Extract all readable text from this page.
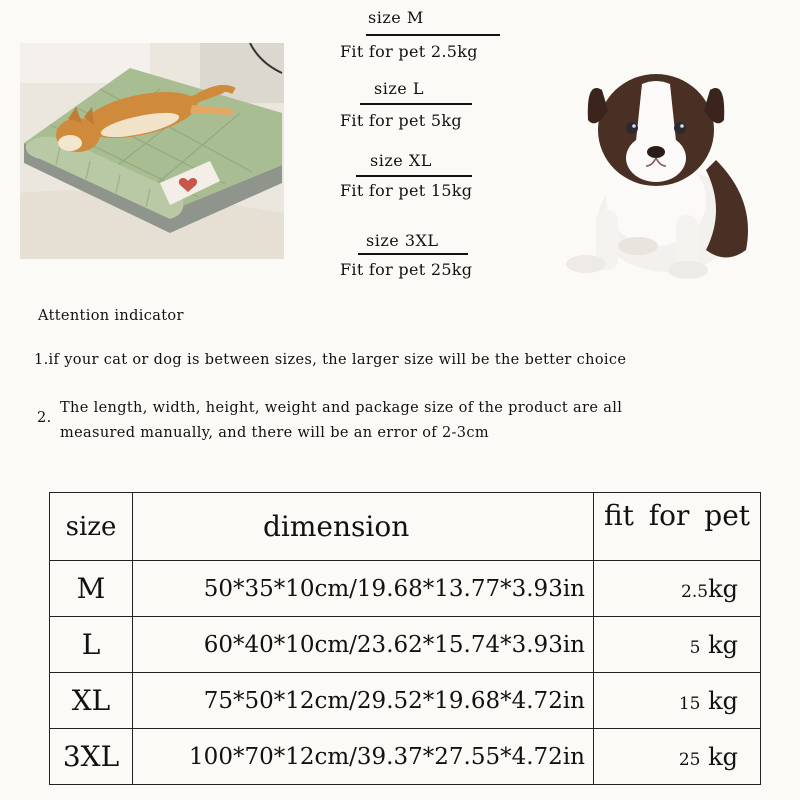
size M
Fit for pet 2.5kg
size L
Fit for pet 5kg
size XL
Fit for pet 15kg
size 3XL
Fit for pet 25kg
Attention indicator
1.if your cat or dog is between sizes, the larger size will be the better choice
2.
The length, width, height, weight and package size of the product are all
measured manually, and there will be an error of 2-3cm
size	dimension	fit for pet
M	50*35*10cm/19.68*13.77*3.93in	2.5kg
L	60*40*10cm/23.62*15.74*3.93in	5 kg
XL	75*50*12cm/29.52*19.68*4.72in	15 kg
3XL	100*70*12cm/39.37*27.55*4.72in	25 kg
